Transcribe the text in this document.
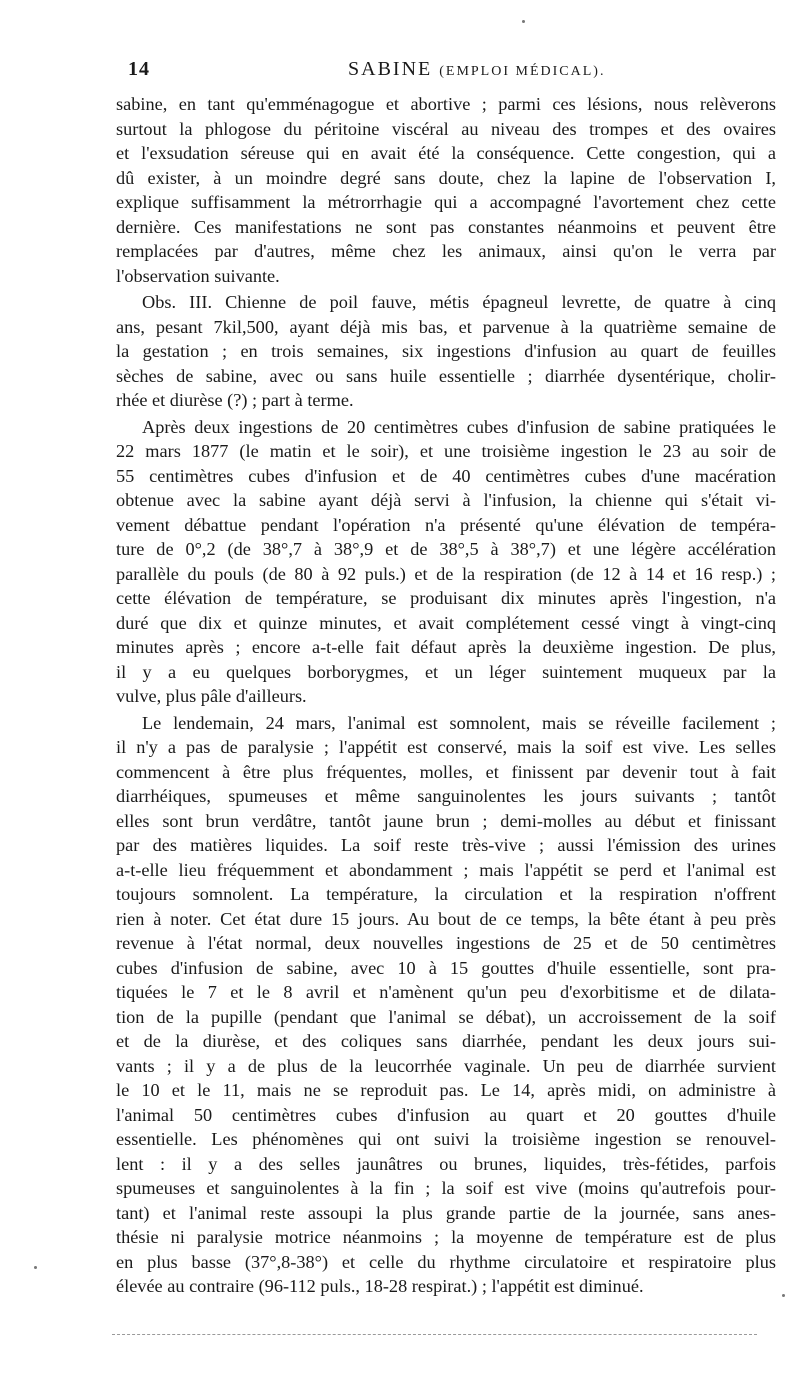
14	SABINE (EMPLOI MÉDICAL).
sabine, en tant qu'emménagogue et abortive ; parmi ces lésions, nous relèverons
surtout la phlogose du péritoine viscéral au niveau des trompes et des ovaires
et l'exsudation séreuse qui en avait été la conséquence. Cette congestion, qui a
dû exister, à un moindre degré sans doute, chez la lapine de l'observation I,
explique suffisamment la métrorrhagie qui a accompagné l'avortement chez cette
dernière. Ces manifestations ne sont pas constantes néanmoins et peuvent être
remplacées par d'autres, même chez les animaux, ainsi qu'on le verra par
l'observation suivante.
Obs. III. Chienne de poil fauve, métis épagneul levrette, de quatre à cinq
ans, pesant 7kil,500, ayant déjà mis bas, et parvenue à la quatrième semaine de
la gestation ; en trois semaines, six ingestions d'infusion au quart de feuilles
sèches de sabine, avec ou sans huile essentielle ; diarrhée dysentérique, cholir-
rhée et diurèse (?) ; part à terme.
Après deux ingestions de 20 centimètres cubes d'infusion de sabine pratiquées le
22 mars 1877 (le matin et le soir), et une troisième ingestion le 23 au soir de
55 centimètres cubes d'infusion et de 40 centimètres cubes d'une macération
obtenue avec la sabine ayant déjà servi à l'infusion, la chienne qui s'était vi-
vement débattue pendant l'opération n'a présenté qu'une élévation de tempéra-
ture de 0°,2 (de 38°,7 à 38°,9 et de 38°,5 à 38°,7) et une légère accélération
parallèle du pouls (de 80 à 92 puls.) et de la respiration (de 12 à 14 et 16 resp.) ;
cette élévation de température, se produisant dix minutes après l'ingestion, n'a
duré que dix et quinze minutes, et avait complétement cessé vingt à vingt-cinq
minutes après ; encore a-t-elle fait défaut après la deuxième ingestion. De plus,
il y a eu quelques borborygmes, et un léger suintement muqueux par la
vulve, plus pâle d'ailleurs.
Le lendemain, 24 mars, l'animal est somnolent, mais se réveille facilement ;
il n'y a pas de paralysie ; l'appétit est conservé, mais la soif est vive. Les selles
commencent à être plus fréquentes, molles, et finissent par devenir tout à fait
diarrhéiques, spumeuses et même sanguinolentes les jours suivants ; tantôt
elles sont brun verdâtre, tantôt jaune brun ; demi-molles au début et finissant
par des matières liquides. La soif reste très-vive ; aussi l'émission des urines
a-t-elle lieu fréquemment et abondamment ; mais l'appétit se perd et l'animal est
toujours somnolent. La température, la circulation et la respiration n'offrent
rien à noter. Cet état dure 15 jours. Au bout de ce temps, la bête étant à peu près
revenue à l'état normal, deux nouvelles ingestions de 25 et de 50 centimètres
cubes d'infusion de sabine, avec 10 à 15 gouttes d'huile essentielle, sont pra-
tiquées le 7 et le 8 avril et n'amènent qu'un peu d'exorbitisme et de dilata-
tion de la pupille (pendant que l'animal se débat), un accroissement de la soif
et de la diurèse, et des coliques sans diarrhée, pendant les deux jours sui-
vants ; il y a de plus de la leucorrhée vaginale. Un peu de diarrhée survient
le 10 et le 11, mais ne se reproduit pas. Le 14, après midi, on administre à
l'animal 50 centimètres cubes d'infusion au quart et 20 gouttes d'huile
essentielle. Les phénomènes qui ont suivi la troisième ingestion se renouvel-
lent : il y a des selles jaunâtres ou brunes, liquides, très-fétides, parfois
spumeuses et sanguinolentes à la fin ; la soif est vive (moins qu'autrefois pour-
tant) et l'animal reste assoupi la plus grande partie de la journée, sans anes-
thésie ni paralysie motrice néanmoins ; la moyenne de température est de plus
en plus basse (37°,8-38°) et celle du rhythme circulatoire et respiratoire plus
élevée au contraire (96-112 puls., 18-28 respirat.) ; l'appétit est diminué.
